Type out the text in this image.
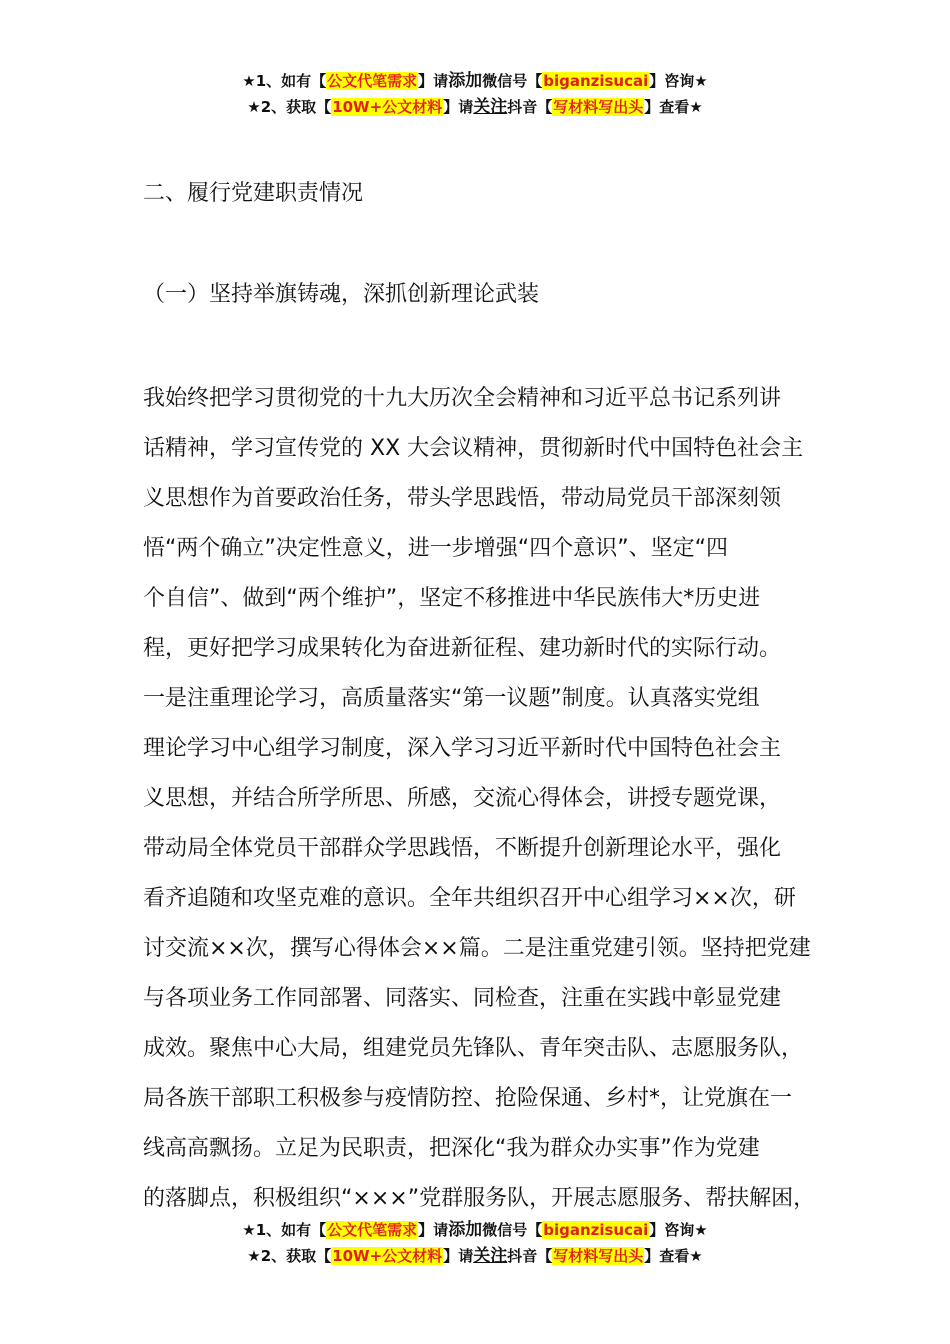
★1、如有【公文代笔需求】请添加微信号【biganzisucai】咨询★
★2、获取【10W+公文材料】请关注抖音【写材料写出头】查看★
二、履行党建职责情况
（一）坚持举旗铸魂，深抓创新理论武装
我始终把学习贯彻党的十九大历次全会精神和习近平总书记系列讲
话精神，学习宣传党的 XX 大会议精神，贯彻新时代中国特色社会主
义思想作为首要政治任务，带头学思践悟，带动局党员干部深刻领
悟“两个确立”决定性意义，进一步增强“四个意识”、坚定“四
个自信”、做到“两个维护”，坚定不移推进中华民族伟大*历史进
程，更好把学习成果转化为奋进新征程、建功新时代的实际行动。
一是注重理论学习，高质量落实“第一议题”制度。认真落实党组
理论学习中心组学习制度，深入学习习近平新时代中国特色社会主
义思想，并结合所学所思、所感，交流心得体会，讲授专题党课，
带动局全体党员干部群众学思践悟，不断提升创新理论水平，强化
看齐追随和攻坚克难的意识。全年共组织召开中心组学习××次，研
讨交流××次，撰写心得体会××篇。二是注重党建引领。坚持把党建
与各项业务工作同部署、同落实、同检查，注重在实践中彰显党建
成效。聚焦中心大局，组建党员先锋队、青年突击队、志愿服务队，
局各族干部职工积极参与疫情防控、抢险保通、乡村*，让党旗在一
线高高飘扬。立足为民职责，把深化“我为群众办实事”作为党建
的落脚点，积极组织“×××”党群服务队，开展志愿服务、帮扶解困，
★1、如有【公文代笔需求】请添加微信号【biganzisucai】咨询★
★2、获取【10W+公文材料】请关注抖音【写材料写出头】查看★
